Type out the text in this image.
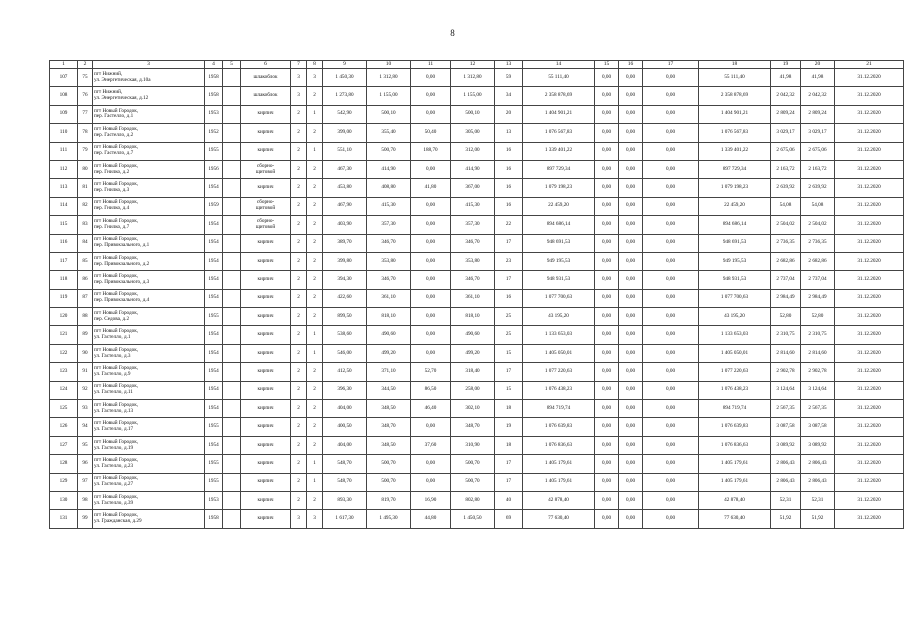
8
1	2	3	4	5	6	7	8	9	10	11	12	13	14	15	16	17	18	19	20	21
107	75	пгт Нижний,
ул. Энергетическая, д.10а	1958		шлакоблок	3	3	1 450,30	1 312,80	0,00	1 312,80	59	55 111,40	0,00	0,00	0,00	55 111,40	41,98	41,98	31.12.2020
108	76	пгт Нижний,
ул. Энергетическая, д.12	1958		шлакоблок	3	2	1 273,80	1 155,00	0,00	1 155,00	34	2 358 878,69	0,00	0,00	0,00	2 358 878,69	2 042,32	2 042,32	31.12.2020
109	77	пгт Новый Городок,
пер. Гастелло, д.1	1953		кирпич	2	1	542,90	500,10	0,00	500,10	20	1 404 901,21	0,00	0,00	0,00	1 404 901,21	2 809,24	2 809,24	31.12.2020
110	78	пгт Новый Городок,
пер. Гастелло, д.2	1952		кирпич	2	2	399,00	355,40	50,40	305,00	13	1 076 567,83	0,00	0,00	0,00	1 076 567,83	3 029,17	3 029,17	31.12.2020
111	79	пгт Новый Городок,
пер. Гастелло, д.7	1955		кирпич	2	1	551,10	500,70	188,70	312,00	16	1 339 401,22	0,00	0,00	0,00	1 339 401,22	2 675,06	2 675,06	31.12.2020
112	80	пгт Новый Городок,
пер. Гнилко, д.2	1956		сборно-
щитовой	2	2	467,30	414,90	0,00	414,90	16	897 729,34	0,00	0,00	0,00	897 729,34	2 163,72	2 163,72	31.12.2020
113	81	пгт Новый Городок,
пер. Гнилко, д.3	1954		кирпич	2	2	453,80	408,80	41,80	367,00	16	1 079 198,23	0,00	0,00	0,00	1 079 198,23	2 639,92	2 639,92	31.12.2020
114	82	пгт Новый Городок,
пер. Гнилко, д.4	1959		сборно-
щитовой	2	2	467,90	415,30	0,00	415,30	16	22 459,20	0,00	0,00	0,00	22 459,20	54,08	54,08	31.12.2020
115	83	пгт Новый Городок,
пер. Гнилко, д.7	1954		сборно-
щитовой	2	2	403,90	357,30	0,00	357,30	22	894 686,14	0,00	0,00	0,00	894 686,14	2 504,02	2 504,02	31.12.2020
116	84	пгт Новый Городок,
пер. Привокзального, д.1	1954		кирпич	2	2	389,70	346,70	0,00	346,70	17	948 691,53	0,00	0,00	0,00	948 691,53	2 736,35	2 736,35	31.12.2020
117	85	пгт Новый Городок,
пер. Привокзального, д.2	1954		кирпич	2	2	399,80	353,80	0,00	353,80	23	949 195,53	0,00	0,00	0,00	949 195,53	2 682,86	2 682,86	31.12.2020
118	86	пгт Новый Городок,
пер. Привокзального, д.3	1954		кирпич	2	2	394,30	346,70	0,00	346,70	17	948 931,53	0,00	0,00	0,00	948 931,53	2 737,04	2 737,04	31.12.2020
119	87	пгт Новый Городок,
пер. Привокзального, д.4	1954		кирпич	2	2	422,60	361,10	0,00	361,10	16	1 077 700,63	0,00	0,00	0,00	1 077 700,63	2 984,49	2 984,49	31.12.2020
120	88	пгт Новый Городок,
пер. Седова, д.2	1955		кирпич	2	2	899,50	818,10	0,00	818,10	25	43 195,20	0,00	0,00	0,00	43 195,20	52,80	52,80	31.12.2020
121	89	пгт Новый Городок,
ул. Гастелло, д.1	1954		кирпич	2	1	538,60	490,60	0,00	490,60	25	1 133 653,03	0,00	0,00	0,00	1 133 653,03	2 310,75	2 310,75	31.12.2020
122	90	пгт Новый Городок,
ул. Гастелло, д.3	1954		кирпич	2	1	546,00	499,20	0,00	499,20	15	1 405 050,01	0,00	0,00	0,00	1 405 050,01	2 814,60	2 814,60	31.12.2020
123	91	пгт Новый Городок,
ул. Гастелло, д.9	1954		кирпич	2	2	412,50	371,10	52,70	318,40	17	1 077 220,63	0,00	0,00	0,00	1 077 220,63	2 902,78	2 902,78	31.12.2020
124	92	пгт Новый Городок,
ул. Гастелло, д.11	1954		кирпич	2	2	396,30	344,50	86,50	258,00	15	1 076 438,23	0,00	0,00	0,00	1 076 438,23	3 124,64	3 124,64	31.12.2020
125	93	пгт Новый Городок,
ул. Гастелло, д.13	1954		кирпич	2	2	404,00	348,50	46,40	302,10	18	894 719,74	0,00	0,00	0,00	894 719,74	2 567,35	2 567,35	31.12.2020
126	94	пгт Новый Городок,
ул. Гастелло, д.17	1955		кирпич	2	2	400,50	348,70	0,00	348,70	19	1 076 639,83	0,00	0,00	0,00	1 076 639,83	3 087,58	3 087,58	31.12.2020
127	95	пгт Новый Городок,
ул. Гастелло, д.19	1954		кирпич	2	2	404,00	348,50	37,60	310,90	18	1 076 836,63	0,00	0,00	0,00	1 076 836,63	3 089,92	3 089,92	31.12.2020
128	96	пгт Новый Городок,
ул. Гастелло, д.23	1955		кирпич	2	1	548,70	500,70	0,00	500,70	17	1 405 179,61	0,00	0,00	0,00	1 405 179,61	2 806,43	2 806,43	31.12.2020
129	97	пгт Новый Городок,
ул. Гастелло, д.27	1955		кирпич	2	1	548,70	500,70	0,00	500,70	17	1 405 179,61	0,00	0,00	0,00	1 405 179,61	2 806,43	2 806,43	31.12.2020
130	98	пгт Новый Городок,
ул. Гастелло, д.39	1953		кирпич	2	2	893,30	819,70	16,90	802,80	40	42 878,40	0,00	0,00	0,00	42 878,40	52,31	52,31	31.12.2020
131	99	пгт Новый Городок,
ул. Гражданская, д.29	1958		кирпич	3	3	1 617,30	1 495,30	44,80	1 450,50	69	77 630,40	0,00	0,00	0,00	77 630,40	51,92	51,92	31.12.2020
